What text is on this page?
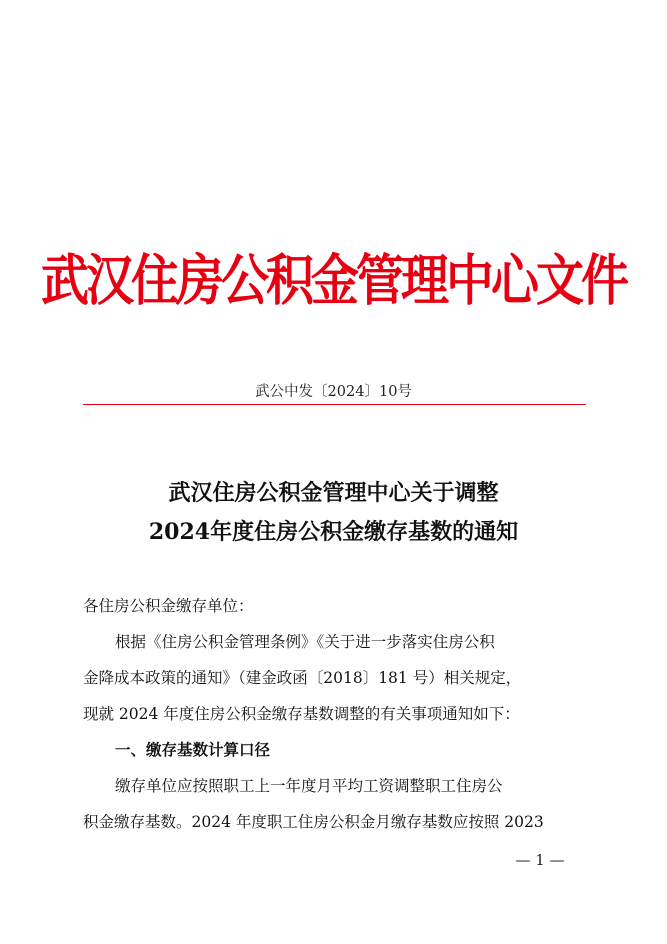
武汉住房公积金管理中心文件
武公中发〔2024〕10号
武汉住房公积金管理中心关于调整
2024年度住房公积金缴存基数的通知
各住房公积金缴存单位：
根据《住房公积金管理条例》《关于进一步落实住房公积
金降成本政策的通知》（建金政函〔2018〕181 号）相关规定，
现就 2024 年度住房公积金缴存基数调整的有关事项通知如下：
一、缴存基数计算口径
缴存单位应按照职工上一年度月平均工资调整职工住房公
积金缴存基数。2024 年度职工住房公积金月缴存基数应按照 2023
— 1 —
